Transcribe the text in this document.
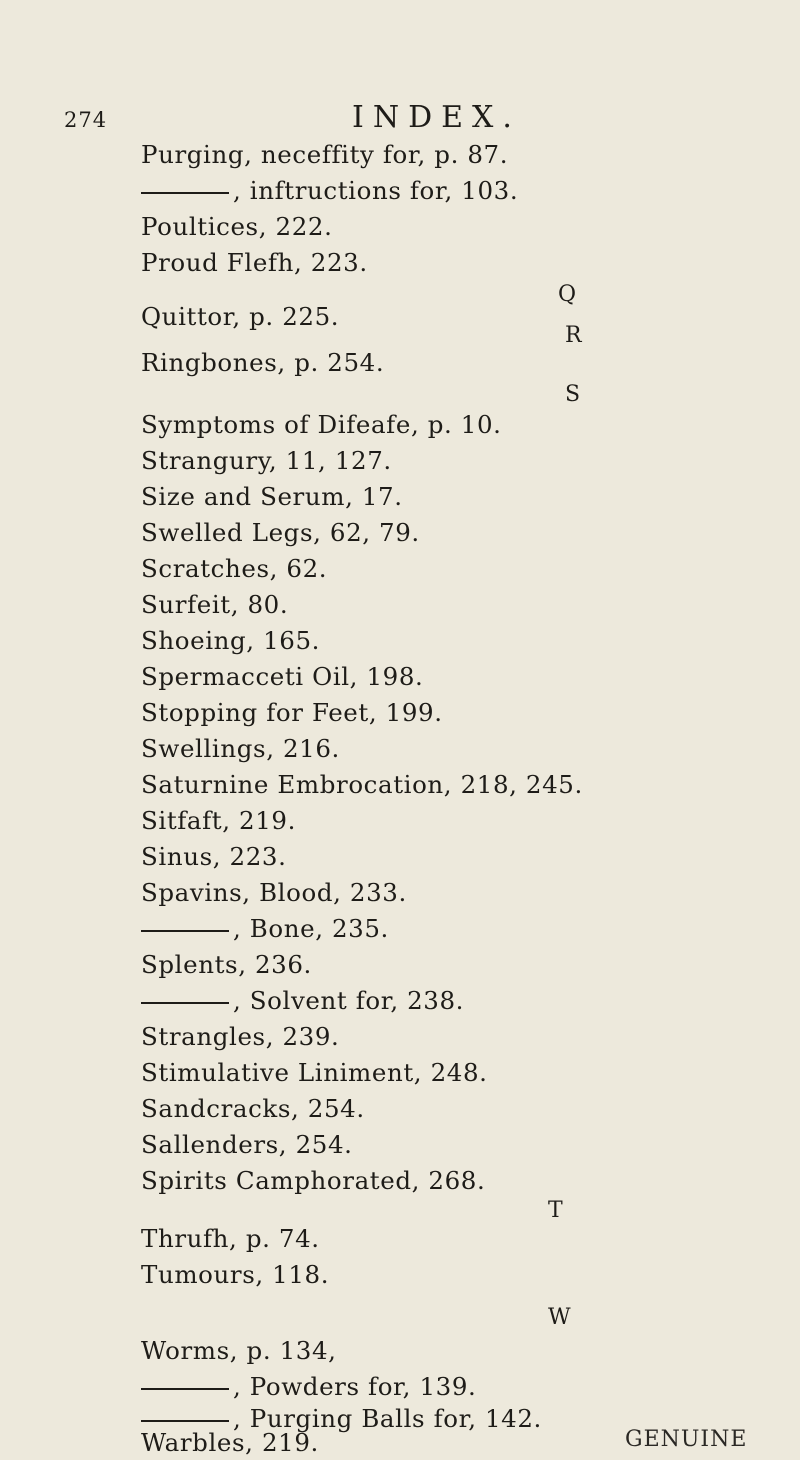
274	INDEX.
Purging, neceffity for, p. 87.
, inftructions for, 103.
Poultices, 222.
Proud Flefh, 223.
Q
Quittor, p. 225.
R
Ringbones, p. 254.
S
Symptoms of Difeafe, p. 10.
Strangury, 11, 127.
Size and Serum, 17.
Swelled Legs, 62, 79.
Scratches, 62.
Surfeit, 80.
Shoeing, 165.
Spermacceti Oil, 198.
Stopping for Feet, 199.
Swellings, 216.
Saturnine Embrocation, 218, 245.
Sitfaft, 219.
Sinus, 223.
Spavins, Blood, 233.
, Bone, 235.
Splents, 236.
, Solvent for, 238.
Strangles, 239.
Stimulative Liniment, 248.
Sandcracks, 254.
Sallenders, 254.
Spirits Camphorated, 268.
T
Thrufh, p. 74.
Tumours, 118.
W
Worms, p. 134,
, Powders for, 139.
, Purging Balls for, 142.
Warbles, 219.	GENUINE
